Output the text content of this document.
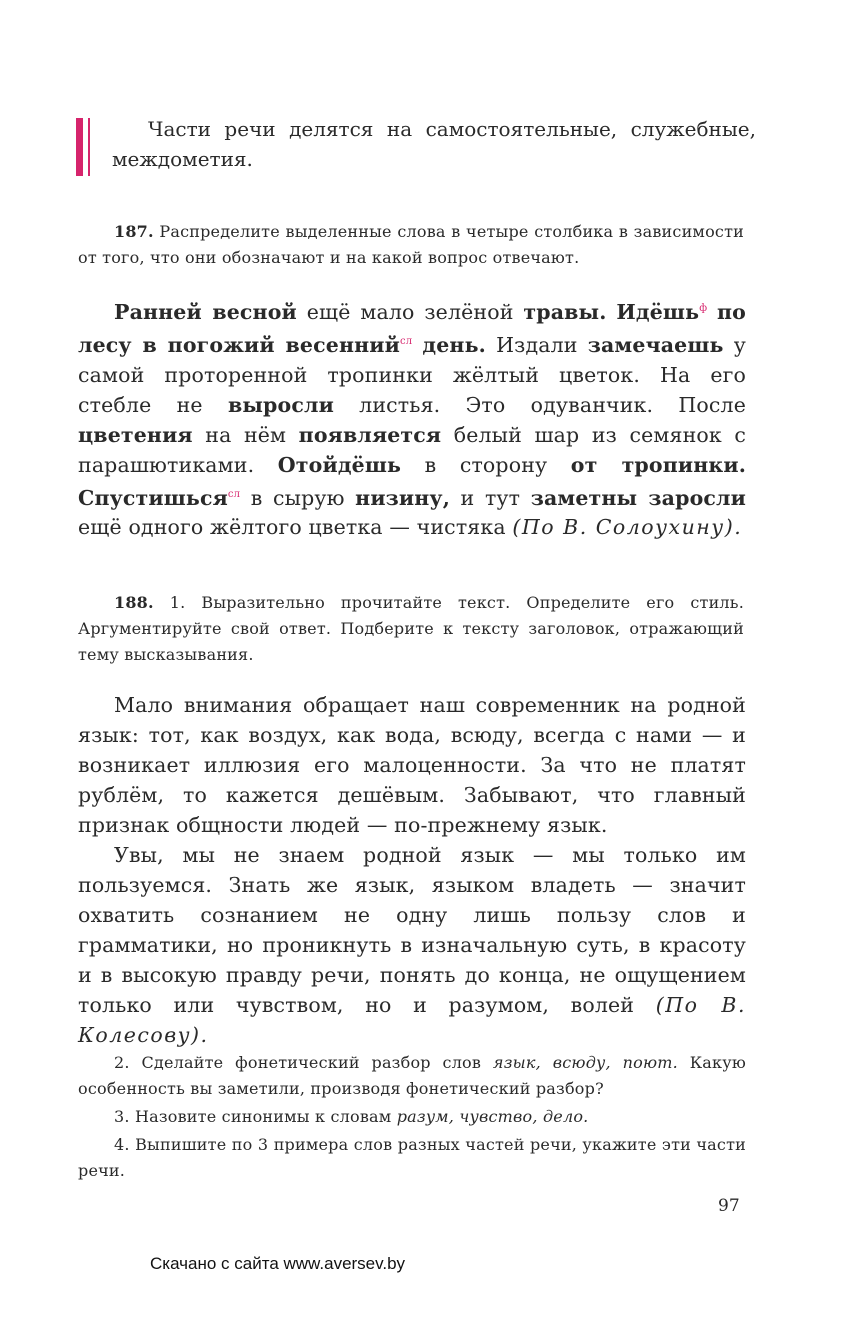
Части речи делятся на самостоятельные, служебные, междометия.
187. Распределите выделенные слова в четыре столбика в зависимости от того, что они обозначают и на какой вопрос отвечают.

Ранней весной ещё мало зелёной травы. Идёшь$^ф$ по лесу в погожий весенний$^{сл}$ день. Издали замечаешь у самой проторенной тропинки жёлтый цветок. На его стебле не выросли листья. Это одуванчик. После цветения на нём появляется белый шар из семянок с парашютиками. Отойдёшь в сторону от тропинки. Спустишься$^{сл}$ в сырую низину, и тут заметны заросли ещё одного жёлтого цветка — чистяка (По В. Солоухину).

188. 1. Выразительно прочитайте текст. Определите его стиль. Аргументируйте свой ответ. Подберите к тексту заголовок, отражающий тему высказывания.

Мало внимания обращает наш современник на родной язык: тот, как воздух, как вода, всюду, всегда с нами — и возникает иллюзия его малоценности. За что не платят рублём, то кажется дешёвым. Забывают, что главный признак общности людей — по-прежнему язык.

Увы, мы не знаем родной язык — мы только им пользуемся. Знать же язык, языком владеть — значит охватить сознанием не одну лишь пользу слов и грамматики, но проникнуть в изначальную суть, в красоту и в высокую правду речи, понять до конца, не ощущением только или чувством, но и разумом, волей (По В. Колесову).

2. Сделайте фонетический разбор слов язык, всюду, поют. Какую особенность вы заметили, производя фонетический разбор?

3. Назовите синонимы к словам разум, чувство, дело.

4. Выпишите по 3 примера слов разных частей речи, укажите эти части речи.

97
Скачано с сайта www.aversev.by
